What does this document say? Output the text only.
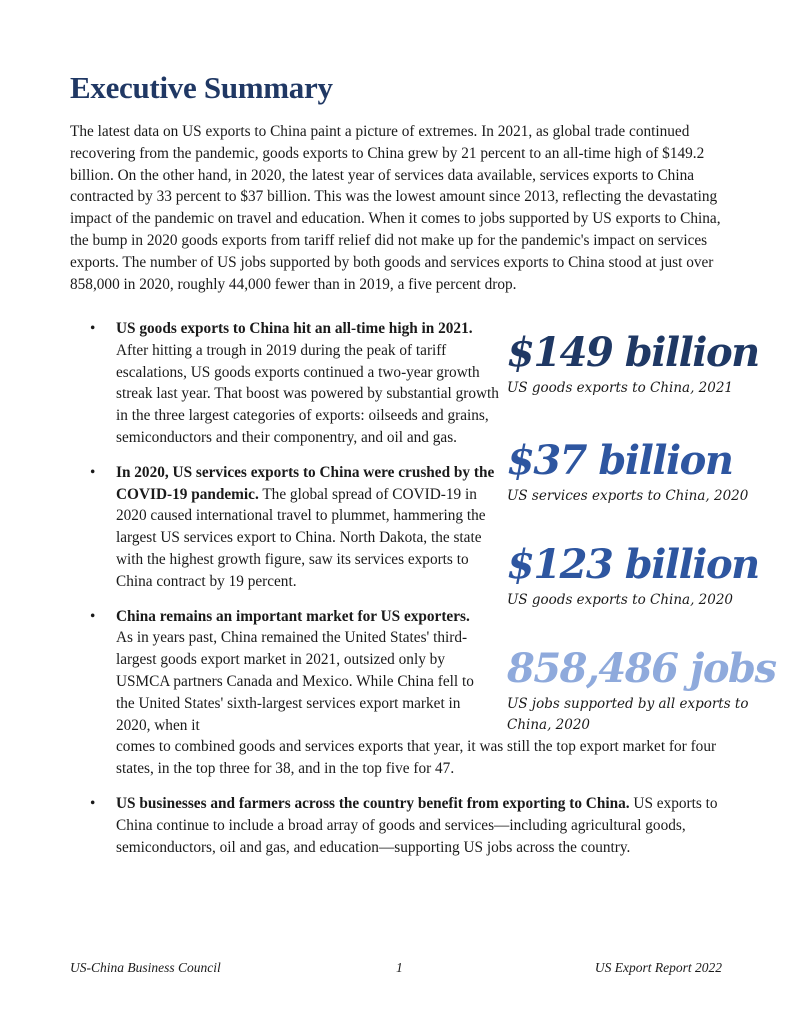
Executive Summary

The latest data on US exports to China paint a picture of extremes. In 2021, as global trade continued recovering from the pandemic, goods exports to China grew by 21 percent to an all-time high of $149.2 billion. On the other hand, in 2020, the latest year of services data available, services exports to China contracted by 33 percent to $37 billion. This was the lowest amount since 2013, reflecting the devastating impact of the pandemic on travel and education. When it comes to jobs supported by US exports to China, the bump in 2020 goods exports from tariff relief did not make up for the pandemic's impact on services exports. The number of US jobs supported by both goods and services exports to China stood at just over 858,000 in 2020, roughly 44,000 fewer than in 2019, a five percent drop.

• US goods exports to China hit an all-time high in 2021. After hitting a trough in 2019 during the peak of tariff escalations, US goods exports continued a two-year growth streak last year. That boost was powered by substantial growth in the three largest categories of exports: oilseeds and grains, semiconductors and their componentry, and oil and gas.
• In 2020, US services exports to China were crushed by the COVID-19 pandemic. The global spread of COVID-19 in 2020 caused international travel to plummet, hammering the largest US services export to China. North Dakota, the state with the highest growth figure, saw its services exports to China contract by 19 percent.
• China remains an important market for US exporters. As in years past, China remained the United States' third-largest goods export market in 2021, outsized only by USMCA partners Canada and Mexico. While China fell to the United States' sixth-largest services export market in 2020, when it
comes to combined goods and services exports that year, it was still the top export market for four states, in the top three for 38, and in the top five for 47.
• US businesses and farmers across the country benefit from exporting to China. US exports to China continue to include a broad array of goods and services—including agricultural goods, semiconductors, oil and gas, and education—supporting US jobs across the country.
$149 billion
US goods exports to China, 2021
$37 billion
US services exports to China, 2020
$123 billion
US goods exports to China, 2020
858,486 jobs
US jobs supported by all exports to China, 2020
US-China Business Council	1	US Export Report 2022
